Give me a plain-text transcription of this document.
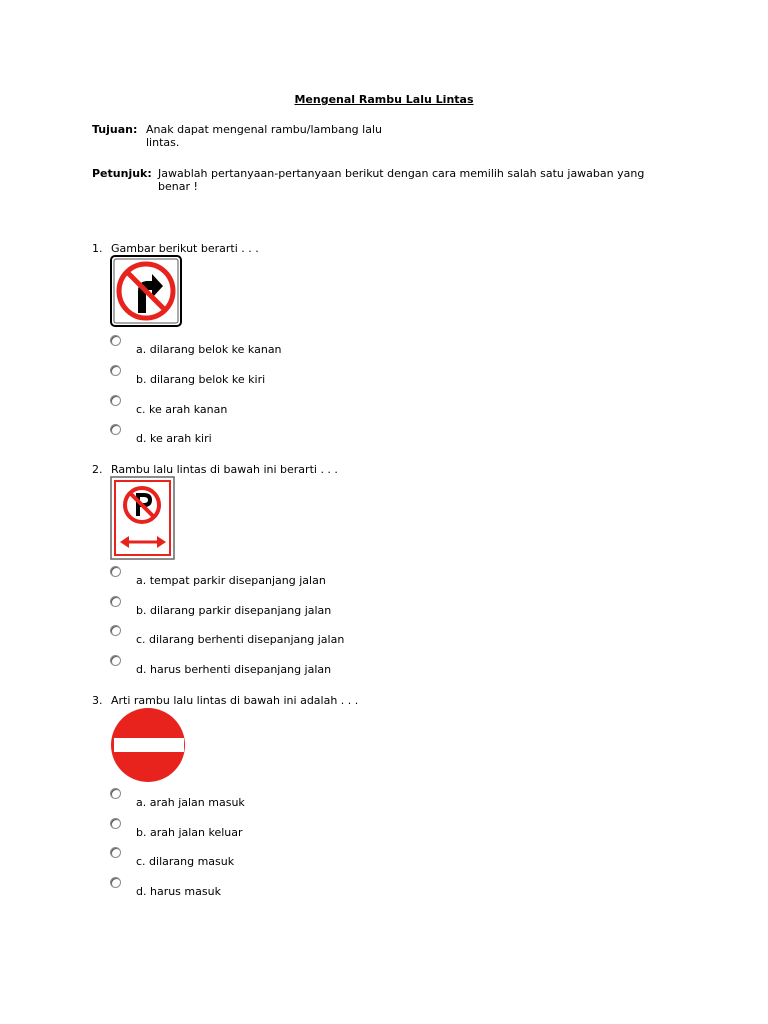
Mengenal Rambu Lalu Lintas
Tujuan: Anak dapat mengenal rambu/lambang lalu
lintas.
Petunjuk: Jawablah pertanyaan-pertanyaan berikut dengan cara memilih salah satu jawaban yang
benar !
1. Gambar berikut berarti . . .
a. dilarang belok ke kanan
b. dilarang belok ke kiri
c. ke arah kanan
d. ke arah kiri
2. Rambu lalu lintas di bawah ini berarti . . .
a. tempat parkir disepanjang jalan
b. dilarang parkir disepanjang jalan
c. dilarang berhenti disepanjang jalan
d. harus berhenti disepanjang jalan
3. Arti rambu lalu lintas di bawah ini adalah . . .
a. arah jalan masuk
b. arah jalan keluar
c. dilarang masuk
d. harus masuk
